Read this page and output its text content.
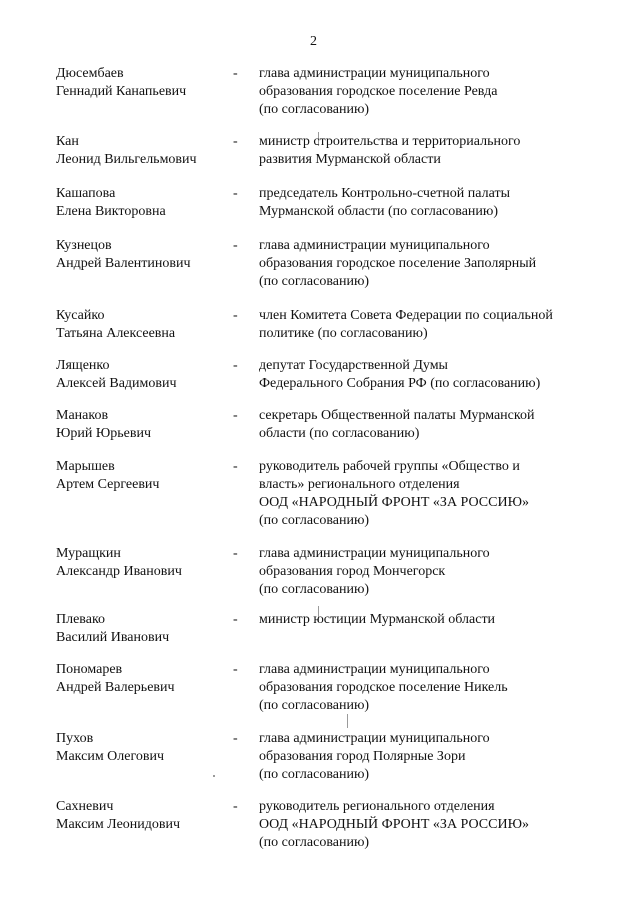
2
Дюсембаев
Геннадий Канапьевич
- глава администрации муниципального
образования городское поселение Ревда
(по согласованию)
Кан
Леонид Вильгельмович
- министр строительства и территориального
развития Мурманской области
Кашапова
Елена Викторовна
- председатель Контрольно-счетной палаты
Мурманской области (по согласованию)
Кузнецов
Андрей Валентинович
- глава администрации муниципального
образования городское поселение Заполярный
(по согласованию)
Кусайко
Татьяна Алексеевна
- член Комитета Совета Федерации по социальной
политике (по согласованию)
Лященко
Алексей Вадимович
- депутат Государственной Думы
Федерального Собрания РФ (по согласованию)
Манаков
Юрий Юрьевич
- секретарь Общественной палаты Мурманской
области (по согласованию)
Марышев
Артем Сергеевич
- руководитель рабочей группы «Общество и
власть» регионального отделения
ООД «НАРОДНЫЙ ФРОНТ «ЗА РОССИЮ»
(по согласованию)
Муращкин
Александр Иванович
- глава администрации муниципального
образования город Мончегорск
(по согласованию)
Плевако
Василий Иванович
- министр юстиции Мурманской области
Пономарев
Андрей Валерьевич
- глава администрации муниципального
образования городское поселение Никель
(по согласованию)
Пухов
Максим Олегович
- глава администрации муниципального
образования город Полярные Зори
(по согласованию)
Сахневич
Максим Леонидович
- руководитель регионального отделения
ООД «НАРОДНЫЙ ФРОНТ «ЗА РОССИЮ»
(по согласованию)
